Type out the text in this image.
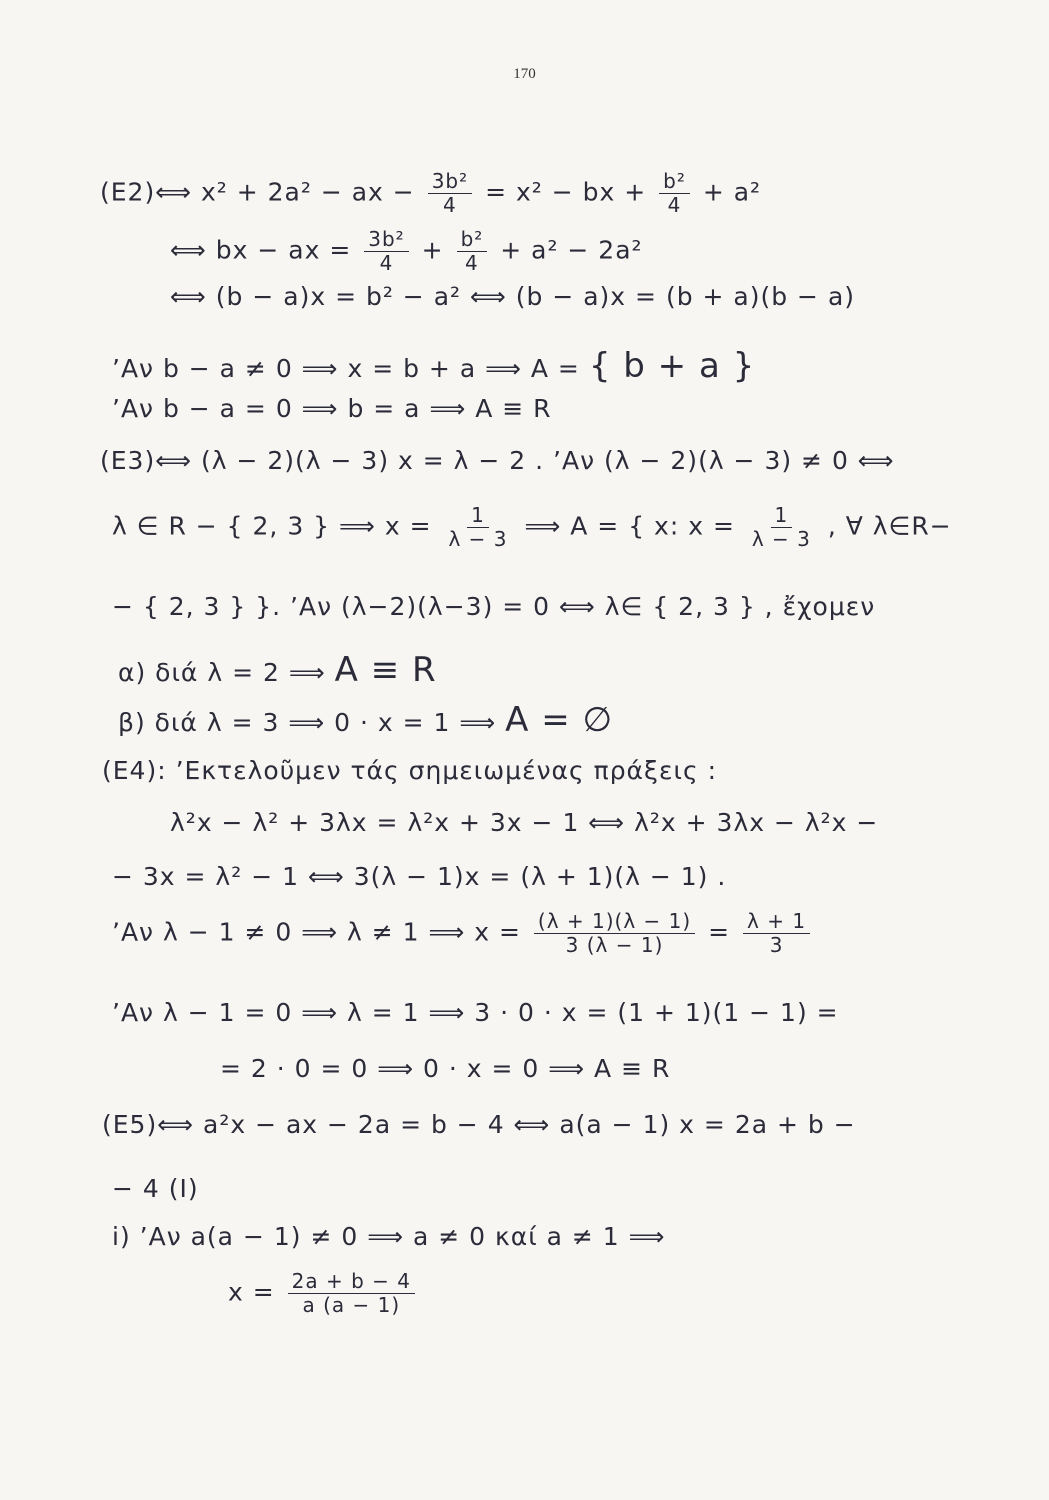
170
(E2)⟺ x² + 2a² − ax − $\frac{\text{3b²}}{4} = x^2$ − bx + $\frac{\text{b²}}{4} + a^2$
⟺ bx − ax = $\frac{\text{3b²}}{4} + \frac{\text{b²}}{4} + a^2 - 2a^2$
⟺ (b − a)x = b² − a² ⟺ (b − a)x = (b + a)(b − a)
’Αν b − a ≠ 0 ⟹ x = b + a ⟹ A = { b + a }
’Αν b − a = 0 ⟹ b = a ⟹ A ≡ R
(E3)⟺ (λ − 2)(λ − 3) x = λ − 2 . ’Αν (λ − 2)(λ − 3) ≠ 0 ⟺
λ ∈ R − { 2, 3 } ⟹ $x = \frac{1}{\lambda - 3}$ ⟹ A = { x: $x = \frac{1}{\lambda - 3}$ , ∀ λ∈R−
− { 2, 3 } }. ’Αν (λ−2)(λ−3) = 0 ⟺ λ∈ { 2, 3 } , ἔχομεν
α) διά λ = 2 ⟹ A ≡ R
β) διά λ = 3 ⟹ 0 · x = 1 ⟹ A = ∅
(E4): ’Εκτελοῦμεν τάς σημειωμένας πράξεις :
λ²x − λ² + 3λx = λ²x + 3x − 1 ⟺ λ²x + 3λx − λ²x −
− 3x = λ² − 1 ⟺ 3(λ − 1)x = (λ + 1)(λ − 1) .
’Αν λ − 1 ≠ 0 ⟹ λ ≠ 1 ⟹ $x = \frac{(\lambda + 1)(\lambda - 1)}{3 (\lambda - 1)} = \frac{\lambda + 1}{3}$
’Αν λ − 1 = 0 ⟹ λ = 1 ⟹ 3 · 0 · x = (1 + 1)(1 − 1) =
= 2 · 0 = 0 ⟹ 0 · x = 0 ⟹ A ≡ R
(E5)⟺ a²x − ax − 2a = b − 4 ⟺ a(a − 1) x = 2a + b −
− 4 (I)
i) ’Αν a(a − 1) ≠ 0 ⟹ a ≠ 0 καί a ≠ 1 ⟹
$x = \frac{2a + b - 4}{a (a - 1)}$
